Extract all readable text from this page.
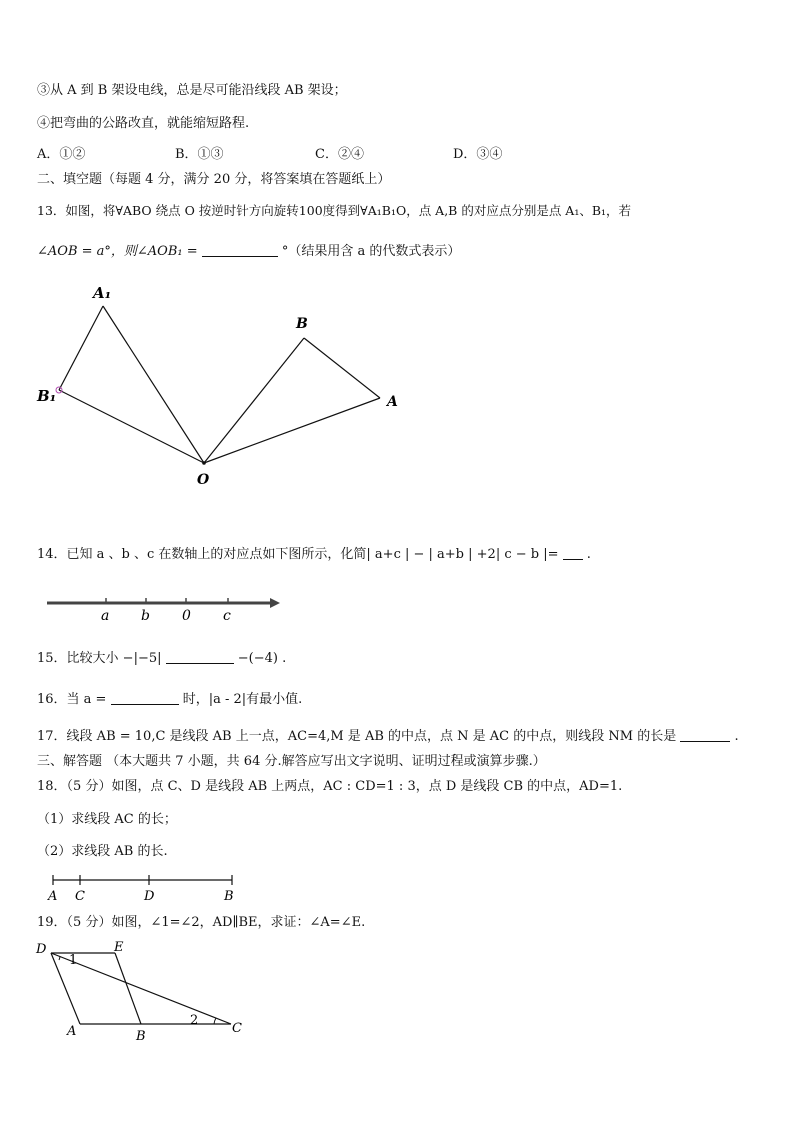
③从 A 到 B 架设电线，总是尽可能沿线段 AB 架设；
④把弯曲的公路改直，就能缩短路程.
A．①②	B．①③	C．②④	D．③④
二、填空题（每题 4 分，满分 20 分，将答案填在答题纸上）
13．如图，将∀ABO 绕点 O 按逆时针方向旋转100度得到∀A₁B₁O，点 A,B 的对应点分别是点 A₁、B₁，若
∠AOB = a°，则∠AOB₁ =	°（结果用含 a 的代数式表示）
A₁
B
B₁	A
O
14．已知 a 、b 、c 在数轴上的对应点如下图所示，化简| a+c | − | a+b | +2| c − b |= .
a b 0 c
15．比较大小 −|−5|	−(−4) .
16．当 a =	时，|a - 2|有最小值.
17．线段 AB = 10,C 是线段 AB 上一点，AC=4,M 是 AB 的中点，点 N 是 AC 的中点，则线段 NM 的长是	.
三、解答题 （本大题共 7 小题，共 64 分.解答应写出文字说明、证明过程或演算步骤.）
18．（5 分）如图，点 C、D 是线段 AB 上两点，AC : CD=1 : 3，点 D 是线段 CB 的中点，AD=1.
（1）求线段 AC 的长；
（2）求线段 AB 的长.
A C	D	B
19．（5 分）如图，∠1=∠2，AD∥BE，求证：∠A=∠E.
D	E
1
2
A	B
C
